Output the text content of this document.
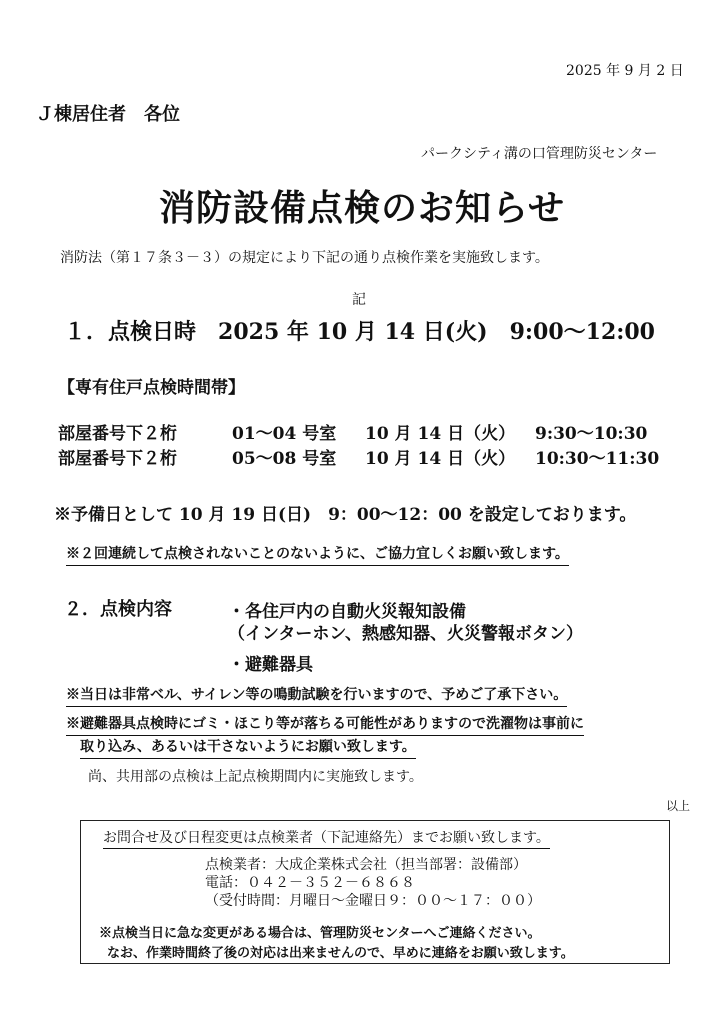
2025 年 9 月 2 日
Ｊ棟居住者　各位
パークシティ溝の口管理防災センター
消防設備点検のお知らせ
消防法（第１７条３－３）の規定により下記の通り点検作業を実施致します。
記
１．点検日時 2025 年 10 月 14 日(火)　9:00～12:00
【専有住戸点検時間帯】
部屋番号下２桁	01～04 号室 10 月 14 日（火） 9:30～10:30
部屋番号下２桁	05～08 号室 10 月 14 日（火） 10:30～11:30
※予備日として 10 月 19 日(日)　9：00～12：00 を設定しております。
※２回連続して点検されないことのないように、ご協力宜しくお願い致します。
２．点検内容	・各住戸内の自動火災報知設備
（インターホン、熱感知器、火災警報ボタン）
・避難器具
※当日は非常ベル、サイレン等の鳴動試験を行いますので、予めご了承下さい。
※避難器具点検時にゴミ・ほこり等が落ちる可能性がありますので洗濯物は事前に
取り込み、あるいは干さないようにお願い致します。
尚、共用部の点検は上記点検期間内に実施致します。
以上
お問合せ及び日程変更は点検業者（下記連絡先）までお願い致します。
点検業者：大成企業株式会社（担当部署：設備部）
電話：０４２－３５２－６８６８
（受付時間：月曜日～金曜日９：００～１７：００）
※点検当日に急な変更がある場合は、管理防災センターへご連絡ください。
なお、作業時間終了後の対応は出来ませんので、早めに連絡をお願い致します。
